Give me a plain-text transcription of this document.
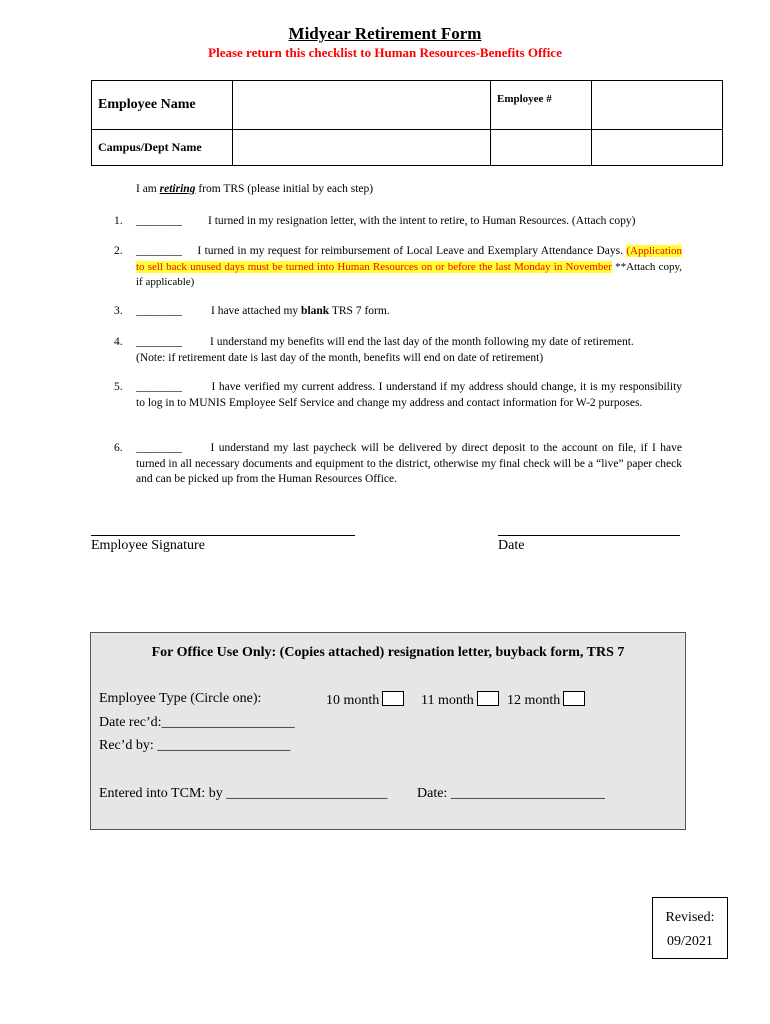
Midyear Retirement Form
Please return this checklist to Human Resources-Benefits Office
Employee Name		Employee #	
Campus/Dept Name			
I am retiring from TRS (please initial by each step)
1. ________ I turned in my resignation letter, with the intent to retire, to Human Resources. (Attach copy)
2. ________ I turned in my request for reimbursement of Local Leave and Exemplary Attendance Days. (Application to sell back unused days must be turned into Human Resources on or before the last Monday in November **Attach copy, if applicable)
3. ________	I have attached my blank TRS 7 form.
4. ________ I understand my benefits will end the last day of the month following my date of retirement.
(Note: if retirement date is last day of the month, benefits will end on date of retirement)
5. ________	I have verified my current address. I understand if my address should change, it is my responsibility to log in to MUNIS Employee Self Service and change my address and contact information for W-2 purposes.
6. ________ I understand my last paycheck will be delivered by direct deposit to the account on file, if I have turned in all necessary documents and equipment to the district, otherwise my final check will be a “live” paper check and can be picked up from the Human Resources Office.
Employee Signature	Date
For Office Use Only: (Copies attached) resignation letter, buyback form, TRS 7
Employee Type (Circle one):	10 month	11 month	12 month
Date rec’d:___________________
Rec’d by: ___________________
Entered into TCM: by _______________________ Date: ______________________
Revised:
09/2021
